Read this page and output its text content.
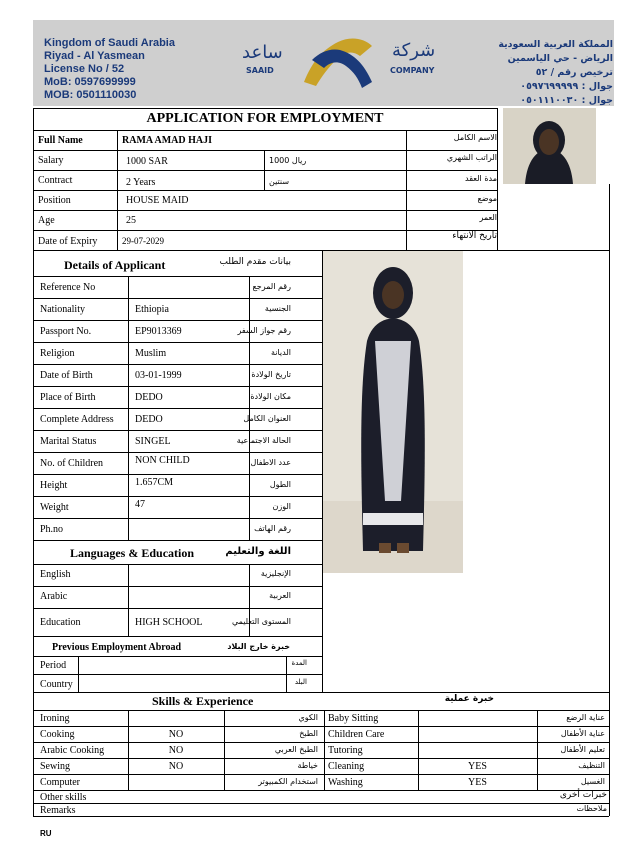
Kingdom of Saudi Arabia
Riyad - Al Yasmean
License No / 52
MoB: 0597699999
MOB: 0501110030
المملكة العربية السعودية
الرياض - حي الياسمين
ترخيص رقم / ٥٢
جوال : ٠٥٩٧٦٩٩٩٩٩
جوال : ٠٥٠١١١٠٠٣٠
ساعد
SAAID
شركة
COMPANY
APPLICATION FOR EMPLOYMENT
Full Name	RAMA AMAD HAJI	الاسم الكامل
Salary	1000 SAR	ريال 1000	الراتب الشهري
Contract	2 Years	سنتين	مدة العقد
Position	HOUSE MAID	موضع
Age	25	العمر
Date of Expiry	29-07-2029	تاريخ الانتهاء
Details of Applicant	بيانات مقدم الطلب
Reference No	رقم المرجع
Nationality	Ethiopia	الجنسية
Passport No.	EP9013369	رقم جواز السفر
Religion	Muslim	الديانة
Date of Birth	03-01-1999	تاريخ الولادة
Place of Birth	DEDO	مكان الولادة
Complete Address DEDO	العنوان الكامل
Marital Status	SINGEL	الحالة الاجتماعية
No. of Children	NON CHILD	عدد الاطفال
Height	1.657CM	الطول
Weight	47	الوزن
Ph.no	رقم الهاتف
Languages & Education	اللغة والتعليم
English	الإنجليزية
Arabic	العربية
Education	HIGH SCHOOL	المستوى التعليمي
Previous Employment Abroad	خبرة خارج البلاد
Period	المدة
Country	البلد
Skills & Experience	خبرة عملية
Ironing	الكوي Baby Sitting	عناية الرضع
Cooking	NO	الطبخ Children Care	عناية الأطفال
Arabic Cooking	NO	الطبخ العربي Tutoring	تعليم الأطفال
Sewing	NO	خياطة Cleaning	YES	التنظيف
Computer	استخدام الكمبيوتر Washing	YES	الغسيل
Other skills	خبرات أخرى
Remarks	ملاحظات
RU
